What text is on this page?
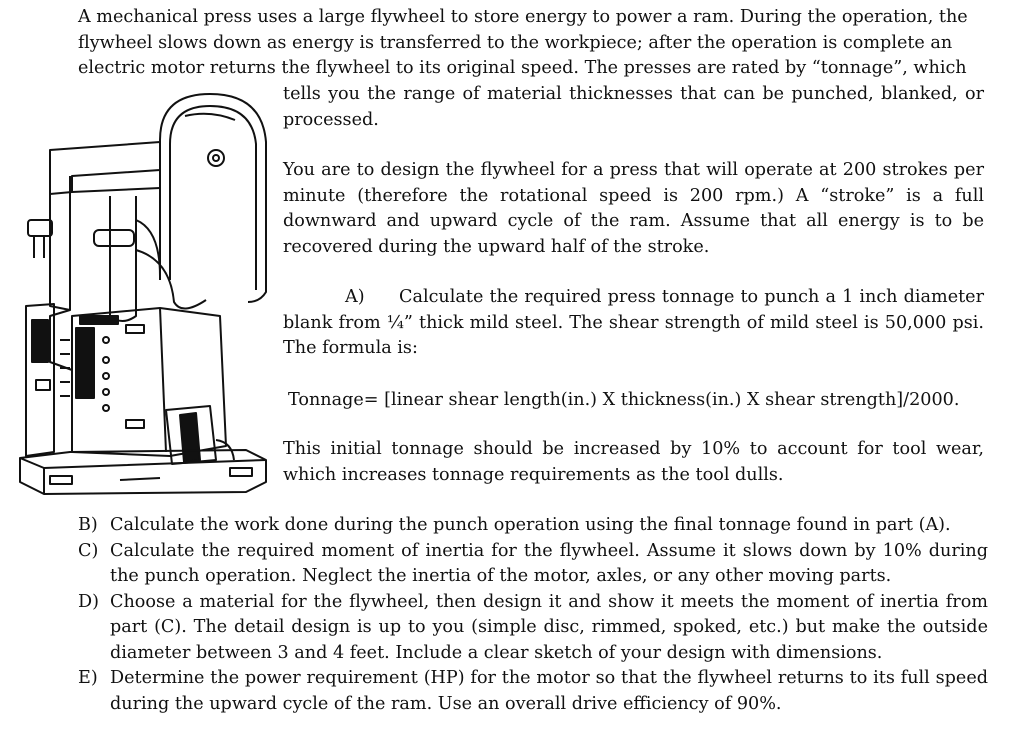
A mechanical press uses a large flywheel to store energy to power a ram. During the operation, the
flywheel slows down as energy is transferred to the workpiece; after the operation is complete an
electric motor returns the flywheel to its original speed. The presses are rated by “tonnage”, which
tells you the range of material thicknesses that can be punched, blanked, or processed.
You are to design the flywheel for a press that will operate at 200 strokes per minute (therefore the rotational speed is 200 rpm.) A “stroke” is a full downward and upward cycle of the ram. Assume that all energy is to be recovered during the upward half of the stroke.
A) Calculate the required press tonnage to punch a 1 inch diameter blank from ¼” thick mild steel. The shear strength of mild steel is 50,000 psi. The formula is:
Tonnage= [linear shear length(in.) X thickness(in.) X shear strength]/2000.
This initial tonnage should be increased by 10% to account for tool wear, which increases tonnage requirements as the tool dulls.
B) Calculate the work done during the punch operation using the final tonnage found in part (A).
C) Calculate the required moment of inertia for the flywheel. Assume it slows down by 10% during the punch operation. Neglect the inertia of the motor, axles, or any other moving parts.
D) Choose a material for the flywheel, then design it and show it meets the moment of inertia from part (C). The detail design is up to you (simple disc, rimmed, spoked, etc.) but make the outside diameter between 3 and 4 feet. Include a clear sketch of your design with dimensions.
E) Determine the power requirement (HP) for the motor so that the flywheel returns to its full speed during the upward cycle of the ram. Use an overall drive efficiency of 90%.
